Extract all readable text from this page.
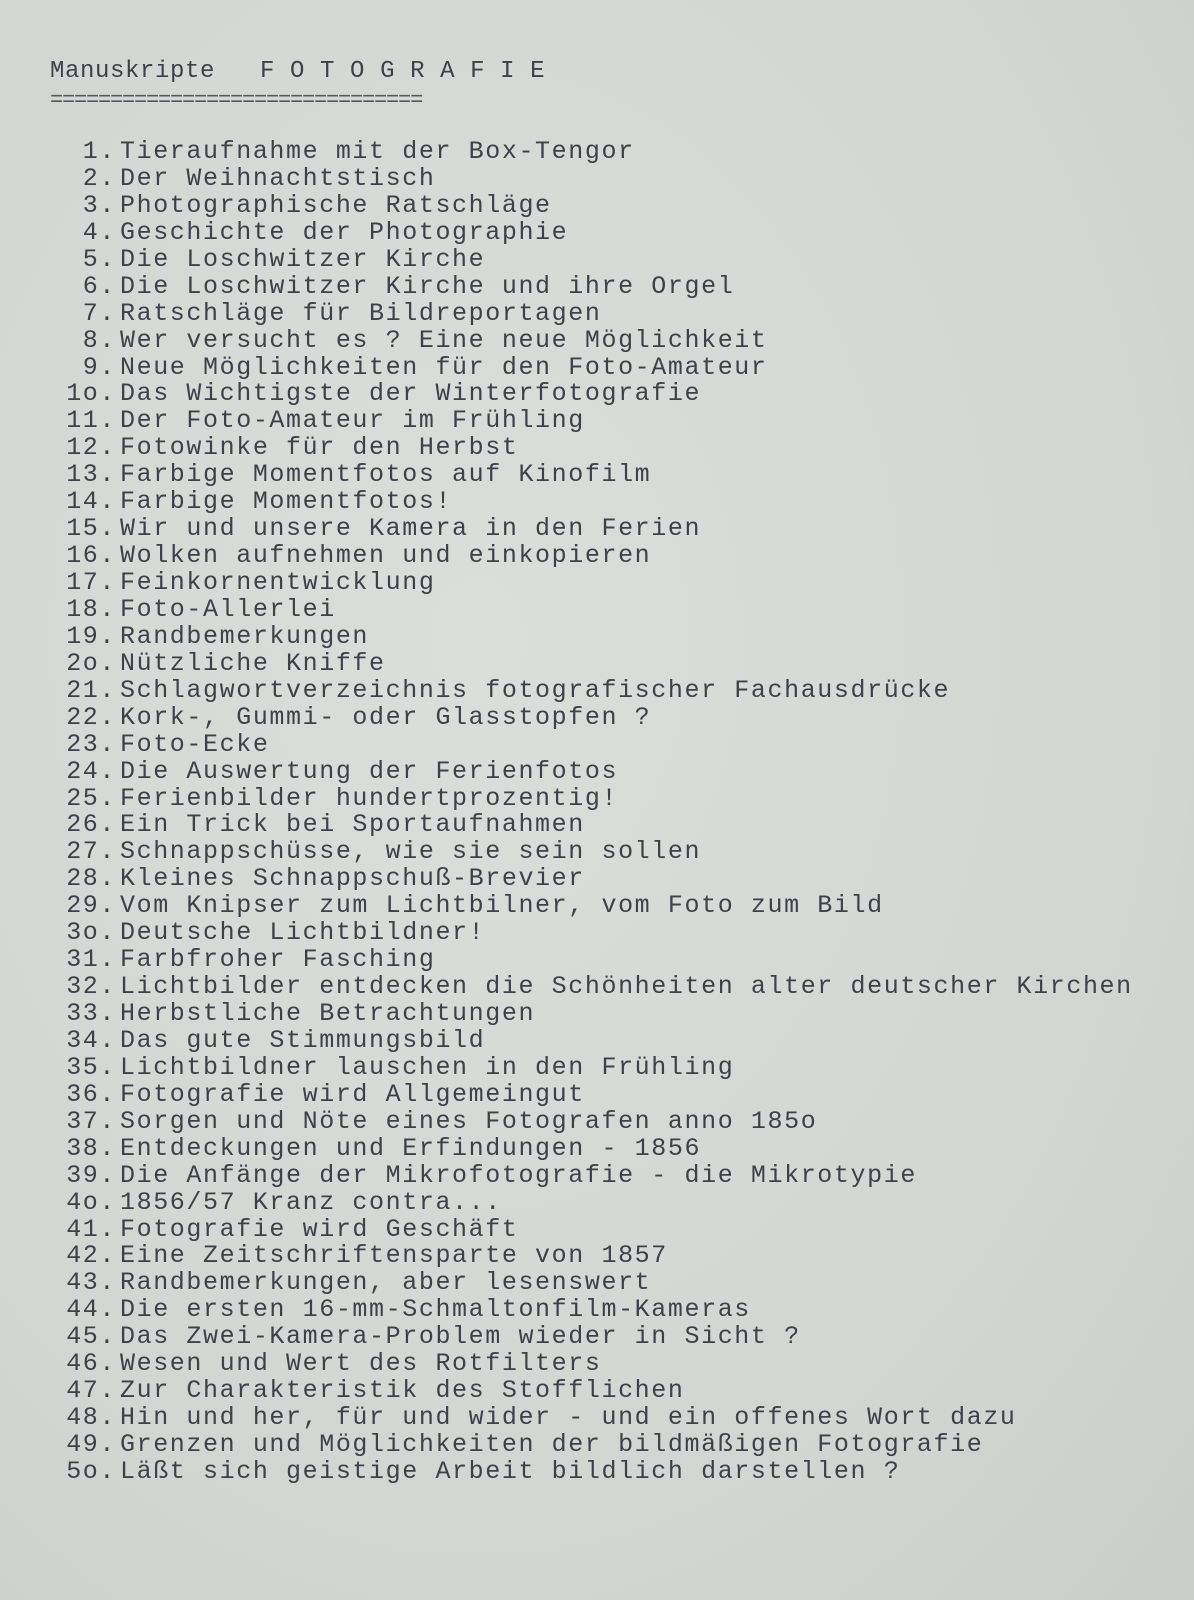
Manuskripte F O T O G R A F I E
===============================
1. Tieraufnahme mit der Box-Tengor
2. Der Weihnachtstisch
3. Photographische Ratschläge
4. Geschichte der Photographie
5. Die Loschwitzer Kirche
6. Die Loschwitzer Kirche und ihre Orgel
7. Ratschläge für Bildreportagen
8. Wer versucht es ? Eine neue Möglichkeit
9. Neue Möglichkeiten für den Foto-Amateur
1o. Das Wichtigste der Winterfotografie
11. Der Foto-Amateur im Frühling
12. Fotowinke für den Herbst
13. Farbige Momentfotos auf Kinofilm
14. Farbige Momentfotos!
15. Wir und unsere Kamera in den Ferien
16. Wolken aufnehmen und einkopieren
17. Feinkornentwicklung
18. Foto-Allerlei
19. Randbemerkungen
2o. Nützliche Kniffe
21. Schlagwortverzeichnis fotografischer Fachausdrücke
22. Kork-, Gummi- oder Glasstopfen ?
23. Foto-Ecke
24. Die Auswertung der Ferienfotos
25. Ferienbilder hundertprozentig!
26. Ein Trick bei Sportaufnahmen
27. Schnappschüsse, wie sie sein sollen
28. Kleines Schnappschuß-Brevier
29. Vom Knipser zum Lichtbilner, vom Foto zum Bild
3o. Deutsche Lichtbildner!
31. Farbfroher Fasching
32. Lichtbilder entdecken die Schönheiten alter deutscher Kirchen
33. Herbstliche Betrachtungen
34. Das gute Stimmungsbild
35. Lichtbildner lauschen in den Frühling
36. Fotografie wird Allgemeingut
37. Sorgen und Nöte eines Fotografen anno 185o
38. Entdeckungen und Erfindungen - 1856
39. Die Anfänge der Mikrofotografie - die Mikrotypie
4o. 1856/57 Kranz contra...
41. Fotografie wird Geschäft
42. Eine Zeitschriftensparte von 1857
43. Randbemerkungen, aber lesenswert
44. Die ersten 16-mm-Schmaltonfilm-Kameras
45. Das Zwei-Kamera-Problem wieder in Sicht ?
46. Wesen und Wert des Rotfilters
47. Zur Charakteristik des Stofflichen
48. Hin und her, für und wider - und ein offenes Wort dazu
49. Grenzen und Möglichkeiten der bildmäßigen Fotografie
5o. Läßt sich geistige Arbeit bildlich darstellen ?
